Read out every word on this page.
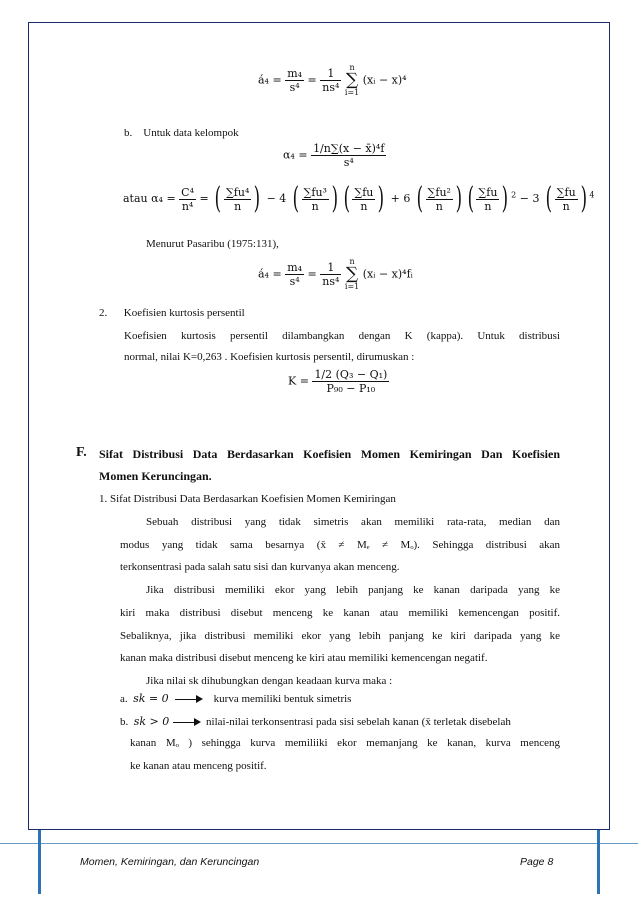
á₄ = $\frac{\text{m₄}}{\text{s⁴}} = \frac{1}{\text{ns⁴}}$
	n
∑
i=1
(xᵢ − x)⁴
b. Untuk data kelompok
$\alpha_4 = \frac{\text{1/n∑(x − x̄)⁴f}}{\text{s⁴}}$
atau $\alpha_4 = \frac{\text{C⁴}}{\text{n⁴}}$ = ( $\frac{\text{∑fu⁴}}{n}$ ) − 4 ( $\frac{\text{∑fu³}}{n}$ ) ( $\frac{\sum fu}{n}$ ) + 6 ( $\frac{\text{∑fu²}}{n}$ ) ( $\frac{\sum fu}{n}$ ) $^2$ − 3 ( $\frac{\sum fu}{n}$ ) $^4$
Menurut Pasaribu (1975:131),
á₄ = $\frac{\text{m₄}}{\text{s⁴}} = \frac{1}{\text{ns⁴}}$
	n
∑
i=1
(xᵢ − x)⁴fᵢ
2. Koefisien kurtosis persentil
Koefisien kurtosis persentil dilambangkan dengan K (kappa). Untuk distribusi
normal, nilai K=0,263 . Koefisien kurtosis persentil, dirumuskan :
$K = \frac{\text{1/2 (Q₃ − Q₁)}}{\text{P₉₀ − P₁₀}}$
F. Sifat Distribusi Data Berdasarkan Koefisien Momen Kemiringan Dan Koefisien
Momen Keruncingan.
1. Sifat Distribusi Data Berdasarkan Koefisien Momen Kemiringan
Sebuah distribusi yang tidak simetris akan memiliki rata-rata, median dan
modus yang tidak sama besarnya (x̄ ≠ Mₑ ≠ Mₒ). Sehingga distribusi akan
terkonsentrasi pada salah satu sisi dan kurvanya akan menceng.
Jika distribusi memiliki ekor yang lebih panjang ke kanan daripada yang ke
kiri maka distribusi disebut menceng ke kanan atau memiliki kemencengan positif.
Sebaliknya, jika distribusi memiliki ekor yang lebih panjang ke kiri daripada yang ke
kanan maka distribusi disebut menceng ke kiri atau memiliki kemencengan negatif.
Jika nilai sk dihubungkan dengan keadaan kurva maka :
a. sk = 0	kurva memiliki bentuk simetris
b. sk > 0	nilai-nilai terkonsentrasi pada sisi sebelah kanan (x̄ terletak disebelah
kanan Mₒ ) sehingga kurva memiliiki ekor memanjang ke kanan, kurva menceng
ke kanan atau menceng positif.
Momen, Kemiringan, dan Keruncingan	Page 8
